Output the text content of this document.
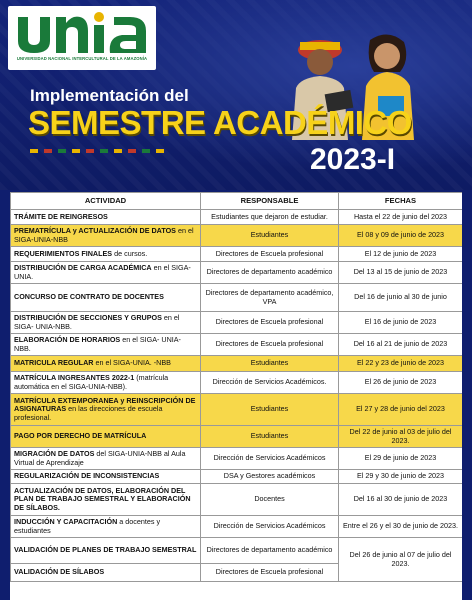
UNIVERSIDAD NACIONAL INTERCULTURAL DE LA AMAZONÍA
Implementación del
SEMESTRE ACADÉMICO
2023-I
ACTIVIDAD	RESPONSABLE	FECHAS
TRÁMITE DE REINGRESOS	Estudiantes que dejaron de estudiar.	Hasta el 22 de junio del 2023
PREMATRÍCULA y ACTUALIZACIÓN DE DATOS en el SIGA-UNIA-NBB	Estudiantes	El 08 y 09 de junio de 2023
REQUERIMIENTOS FINALES de cursos.	Directores de Escuela profesional	El 12 de junio de 2023
DISTRIBUCIÓN DE CARGA ACADÉMICA en el SIGA-UNIA.	Directores de departamento académico	Del 13 al 15 de junio de 2023
CONCURSO DE CONTRATO DE DOCENTES	Directores de departamento académico, VPA	Del 16 de junio al 30 de junio
DISTRIBUCIÓN DE SECCIONES Y GRUPOS en el SIGA- UNIA-NBB.	Directores de Escuela profesional	El 16 de junio de 2023
ELABORACIÓN DE HORARIOS en el SIGA- UNIA-NBB.	Directores de Escuela profesional	Del 16 al 21 de junio de 2023
MATRICULA REGULAR en el SIGA-UNIA. -NBB	Estudiantes	El 22 y 23 de junio de 2023
MATRÍCULA INGRESANTES 2022-1 (matrícula automática en el SIGA-UNIA-NBB).	Dirección de Servicios Académicos.	El 26 de junio de 2023
MATRÍCULA EXTEMPORANEA y REINSCRIPCIÓN DE ASIGNATURAS en las direcciones de escuela profesional.	Estudiantes	El 27 y 28 de junio del 2023
PAGO POR DERECHO DE MATRÍCULA	Estudiantes	Del 22 de junio al 03 de julio del 2023.
MIGRACIÓN DE DATOS del SIGA-UNIA-NBB al Aula Virtual de Aprendizaje	Dirección de Servicios Académicos	El 29 de junio de 2023
REGULARIZACIÓN DE INCONSISTENCIAS	DSA y Gestores académicos	El 29 y 30 de junio de 2023
ACTUALIZACIÓN DE DATOS, ELABORACIÓN DEL PLAN DE TRABAJO SEMESTRAL Y ELABORACIÓN DE SÍLABOS.	Docentes	Del 16 al 30 de junio de 2023
INDUCCIÓN Y CAPACITACIÓN a docentes y estudiantes	Dirección de Servicios Académicos	Entre el 26 y el 30 de junio de 2023.
VALIDACIÓN DE PLANES DE TRABAJO SEMESTRAL	Directores de departamento académico	Del 26 de junio al 07 de julio del 2023.
VALIDACIÓN DE SÍLABOS	Directores de Escuela profesional	
